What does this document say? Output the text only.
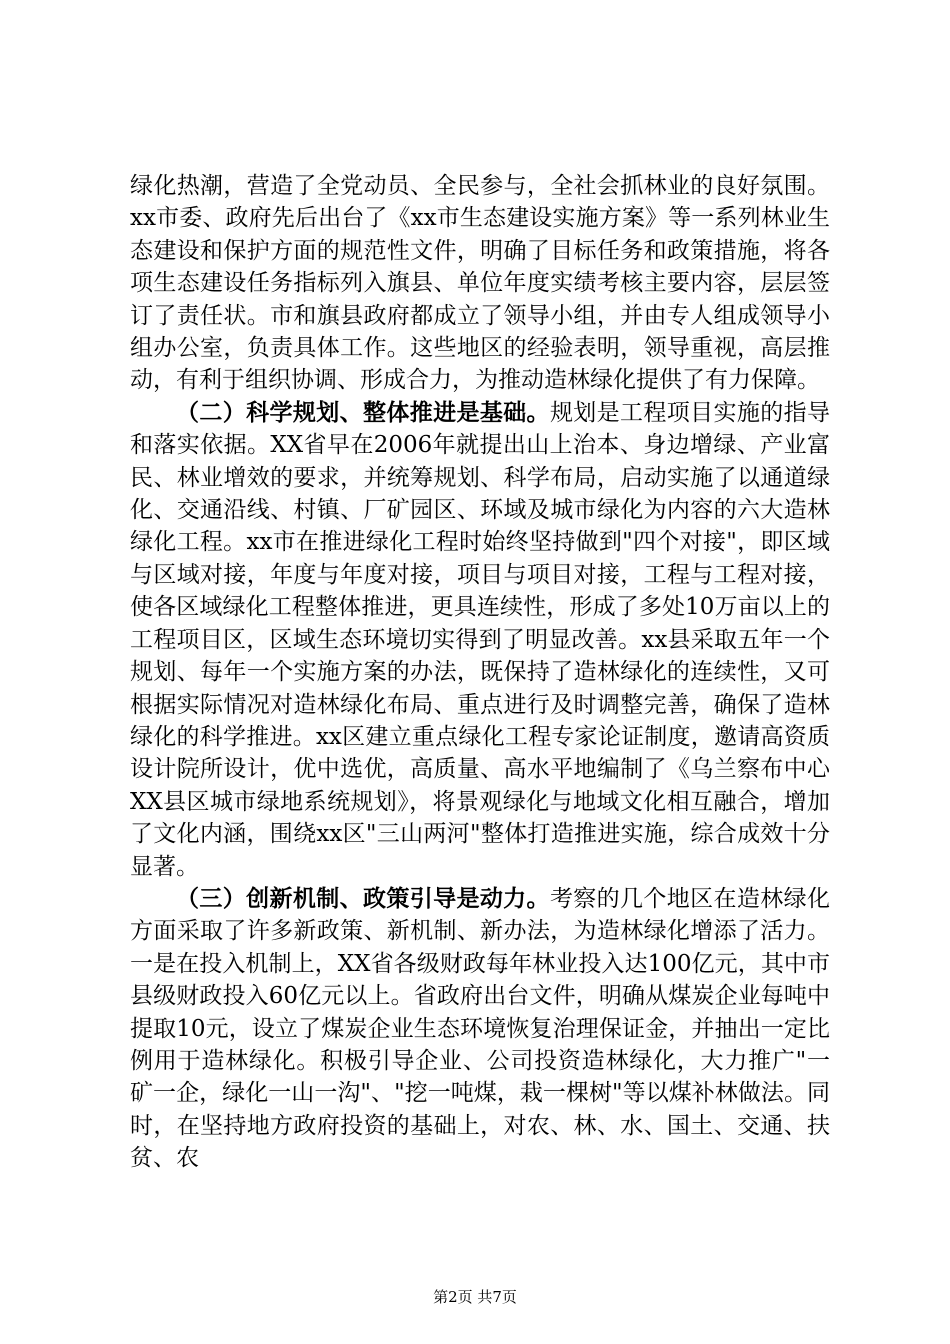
绿化热潮，营造了全党动员、全民参与，全社会抓林业的良好氛围。xx市委、政府先后出台了《xx市生态建设实施方案》等一系列林业生态建设和保护方面的规范性文件，明确了目标任务和政策措施，将各项生态建设任务指标列入旗县、单位年度实绩考核主要内容，层层签订了责任状。市和旗县政府都成立了领导小组，并由专人组成领导小组办公室，负责具体工作。这些地区的经验表明，领导重视，高层推动，有利于组织协调、形成合力，为推动造林绿化提供了有力保障。

（二）科学规划、整体推进是基础。规划是工程项目实施的指导和落实依据。XX省早在2006年就提出山上治本、身边增绿、产业富民、林业增效的要求，并统筹规划、科学布局，启动实施了以通道绿化、交通沿线、村镇、厂矿园区、环域及城市绿化为内容的六大造林绿化工程。xx市在推进绿化工程时始终坚持做到"四个对接"，即区域与区域对接，年度与年度对接，项目与项目对接，工程与工程对接，使各区域绿化工程整体推进，更具连续性，形成了多处10万亩以上的工程项目区，区域生态环境切实得到了明显改善。xx县采取五年一个规划、每年一个实施方案的办法，既保持了造林绿化的连续性，又可根据实际情况对造林绿化布局、重点进行及时调整完善，确保了造林绿化的科学推进。xx区建立重点绿化工程专家论证制度，邀请高资质设计院所设计，优中选优，高质量、高水平地编制了《乌兰察布中心XX县区城市绿地系统规划》，将景观绿化与地域文化相互融合，增加了文化内涵，围绕xx区"三山两河"整体打造推进实施，综合成效十分显著。

（三）创新机制、政策引导是动力。考察的几个地区在造林绿化方面采取了许多新政策、新机制、新办法，为造林绿化增添了活力。一是在投入机制上，XX省各级财政每年林业投入达100亿元，其中市县级财政投入60亿元以上。省政府出台文件，明确从煤炭企业每吨中提取10元，设立了煤炭企业生态环境恢复治理保证金，并抽出一定比例用于造林绿化。积极引导企业、公司投资造林绿化，大力推广"一矿一企，绿化一山一沟"、"挖一吨煤，栽一棵树"等以煤补林做法。同时，在坚持地方政府投资的基础上，对农、林、水、国土、交通、扶贫、农

第2页 共7页
